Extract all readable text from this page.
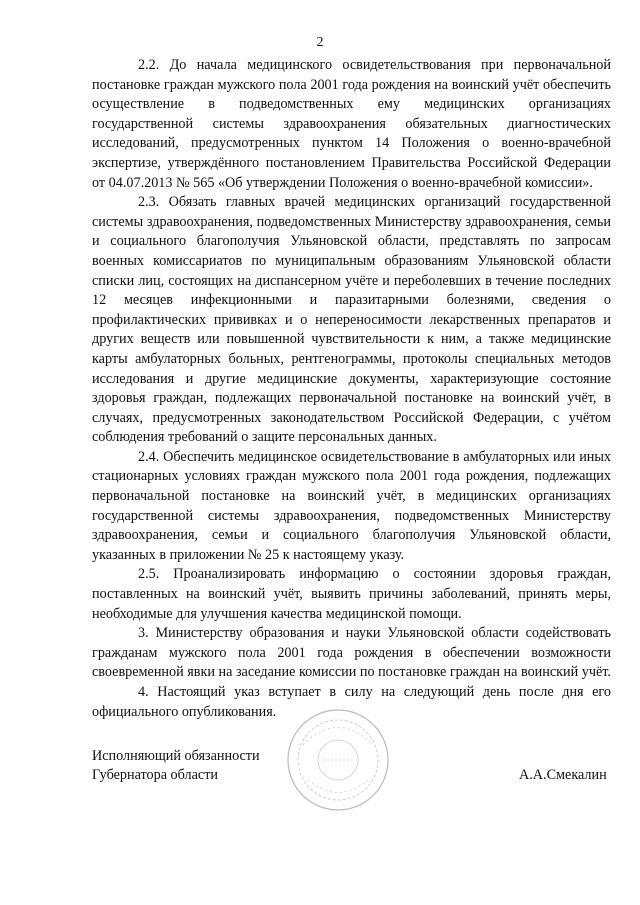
2

2.2. До начала медицинского освидетельствования при первоначальной постановке граждан мужского пола 2001 года рождения на воинский учёт обеспечить осуществление в подведомственных ему медицинских организациях государственной системы здравоохранения обязательных диагностических исследований, предусмотренных пунктом 14 Положения о военно-врачебной экспертизе, утверждённого постановлением Правительства Российской Федерации от 04.07.2013 № 565 «Об утверждении Положения о военно-врачебной комиссии».

2.3. Обязать главных врачей медицинских организаций государственной системы здравоохранения, подведомственных Министерству здравоохранения, семьи и социального благополучия Ульяновской области, представлять по запросам военных комиссариатов по муниципальным образованиям Ульяновской области списки лиц, состоящих на диспансерном учёте и переболевших в течение последних 12 месяцев инфекционными и паразитарными болезнями, сведения о профилактических прививках и о непереносимости лекарственных препаратов и других веществ или повышенной чувствительности к ним, а также медицинские карты амбулаторных больных, рентгенограммы, протоколы специальных методов исследования и другие медицинские документы, характеризующие состояние здоровья граждан, подлежащих первоначальной постановке на воинский учёт, в случаях, предусмотренных законодательством Российской Федерации, с учётом соблюдения требований о защите персональных данных.

2.4. Обеспечить медицинское освидетельствование в амбулаторных или иных стационарных условиях граждан мужского пола 2001 года рождения, подлежащих первоначальной постановке на воинский учёт, в медицинских организациях государственной системы здравоохранения, подведомственных Министерству здравоохранения, семьи и социального благополучия Ульяновской области, указанных в приложении № 25 к настоящему указу.

2.5. Проанализировать информацию о состоянии здоровья граждан, поставленных на воинский учёт, выявить причины заболеваний, принять меры, необходимые для улучшения качества медицинской помощи.

3. Министерству образования и науки Ульяновской области содействовать гражданам мужского пола 2001 года рождения в обеспечении возможности своевременной явки на заседание комиссии по постановке граждан на воинский учёт.

4. Настоящий указ вступает в силу на следующий день после дня его официального опубликования.

Исполняющий обязанности
Губернатора области	А.А.Смекалин
